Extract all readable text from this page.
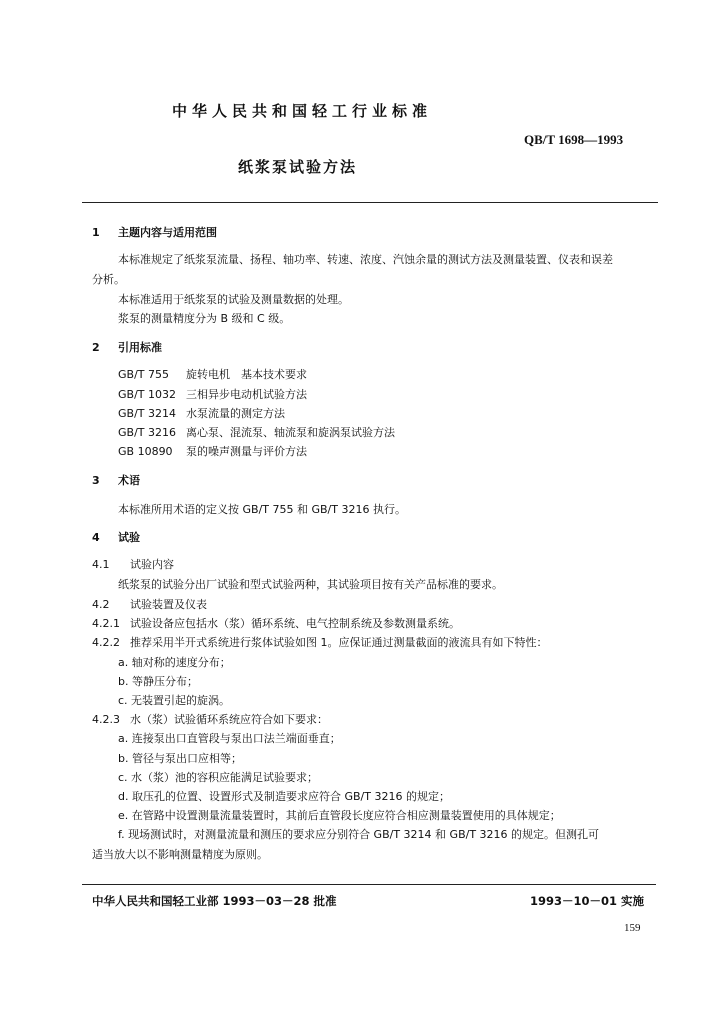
中华人民共和国轻工行业标准
QB/T 1698—1993
纸浆泵试验方法
1 主题内容与适用范围
本标准规定了纸浆泵流量、扬程、轴功率、转速、浓度、汽蚀余量的测试方法及测量装置、仪表和误差
分析。
本标准适用于纸浆泵的试验及测量数据的处理。
浆泵的测量精度分为 B 级和 C 级。
2 引用标准
GB/T 755 旋转电机　基本技术要求
GB/T 1032 三相异步电动机试验方法
GB/T 3214 水泵流量的测定方法
GB/T 3216 离心泵、混流泵、轴流泵和旋涡泵试验方法
GB 10890 泵的噪声测量与评价方法
3 术语
本标准所用术语的定义按 GB/T 755 和 GB/T 3216 执行。
4 试验
4.1 试验内容
纸浆泵的试验分出厂试验和型式试验两种，其试验项目按有关产品标准的要求。
4.2 试验装置及仪表
4.2.1 试验设备应包括水（浆）循环系统、电气控制系统及参数测量系统。
4.2.2 推荐采用半开式系统进行浆体试验如图 1。应保证通过测量截面的液流具有如下特性：
a. 轴对称的速度分布；
b. 等静压分布；
c. 无装置引起的旋涡。
4.2.3 水（浆）试验循环系统应符合如下要求：
a. 连接泵出口直管段与泵出口法兰端面垂直；
b. 管径与泵出口应相等；
c. 水（浆）池的容积应能满足试验要求；
d. 取压孔的位置、设置形式及制造要求应符合 GB/T 3216 的规定；
e. 在管路中设置测量流量装置时，其前后直管段长度应符合相应测量装置使用的具体规定；
f. 现场测试时，对测量流量和测压的要求应分别符合 GB/T 3214 和 GB/T 3216 的规定。但测孔可
适当放大以不影响测量精度为原则。
中华人民共和国轻工业部 1993－03－28 批准	1993－10－01 实施
159
